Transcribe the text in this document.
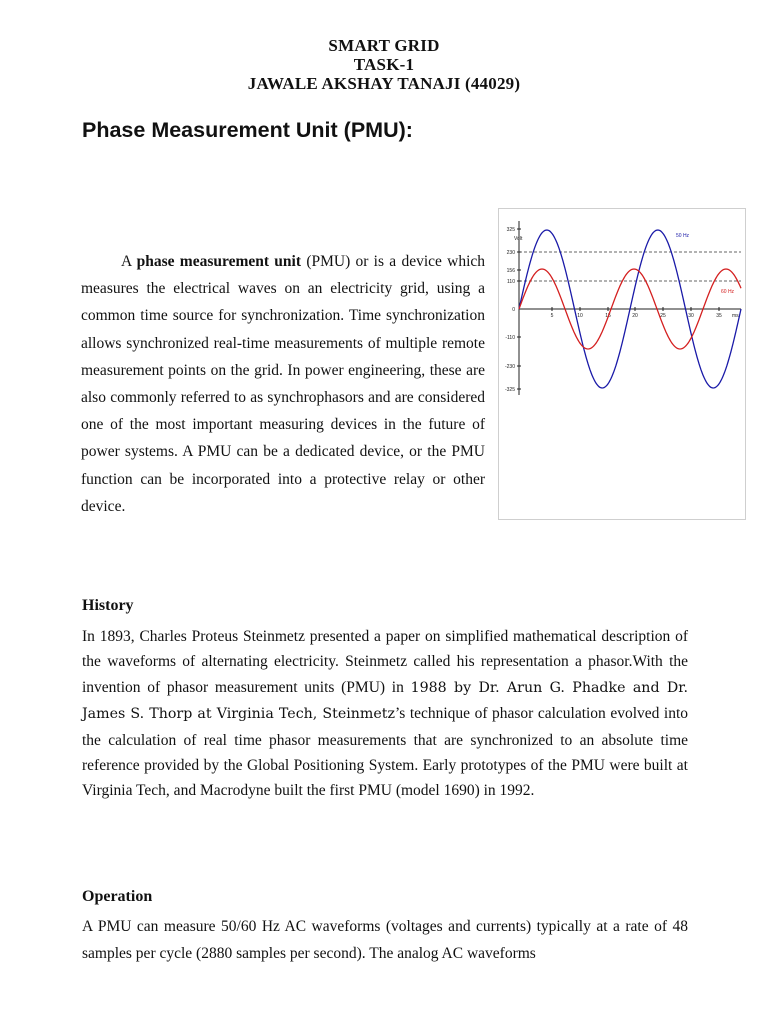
SMART GRID
TASK-1
JAWALE AKSHAY TANAJI (44029)
Phase Measurement Unit (PMU):

A phase measurement unit (PMU) or is a device which measures the electrical waves on an electricity grid, using a common time source for synchronization. Time synchronization allows synchronized real-time measurements of multiple remote measurement points on the grid. In power engineering, these are also commonly referred to as synchrophasors and are considered one of the most important measuring devices in the future of power systems. A PMU can be a dedicated device, or the PMU function can be incorporated into a protective relay or other device.

325
230
156
110
0
-110
-230
-325
Volt
5	10	15	20	25	30	35 ms
50 Hz
60 Hz
History

In 1893, Charles Proteus Steinmetz presented a paper on simplified mathematical description of the waveforms of alternating electricity. Steinmetz called his representation a phasor.With the invention of phasor measurement units (PMU) in 1988 by Dr. Arun G. Phadke and Dr. James S. Thorp at Virginia Tech, Steinmetz’s technique of phasor calculation evolved into the calculation of real time phasor measurements that are synchronized to an absolute time reference provided by the Global Positioning System. Early prototypes of the PMU were built at Virginia Tech, and Macrodyne built the first PMU (model 1690) in 1992.

Operation

A PMU can measure 50/60 Hz AC waveforms (voltages and currents) typically at a rate of 48 samples per cycle (2880 samples per second). The analog AC waveforms
